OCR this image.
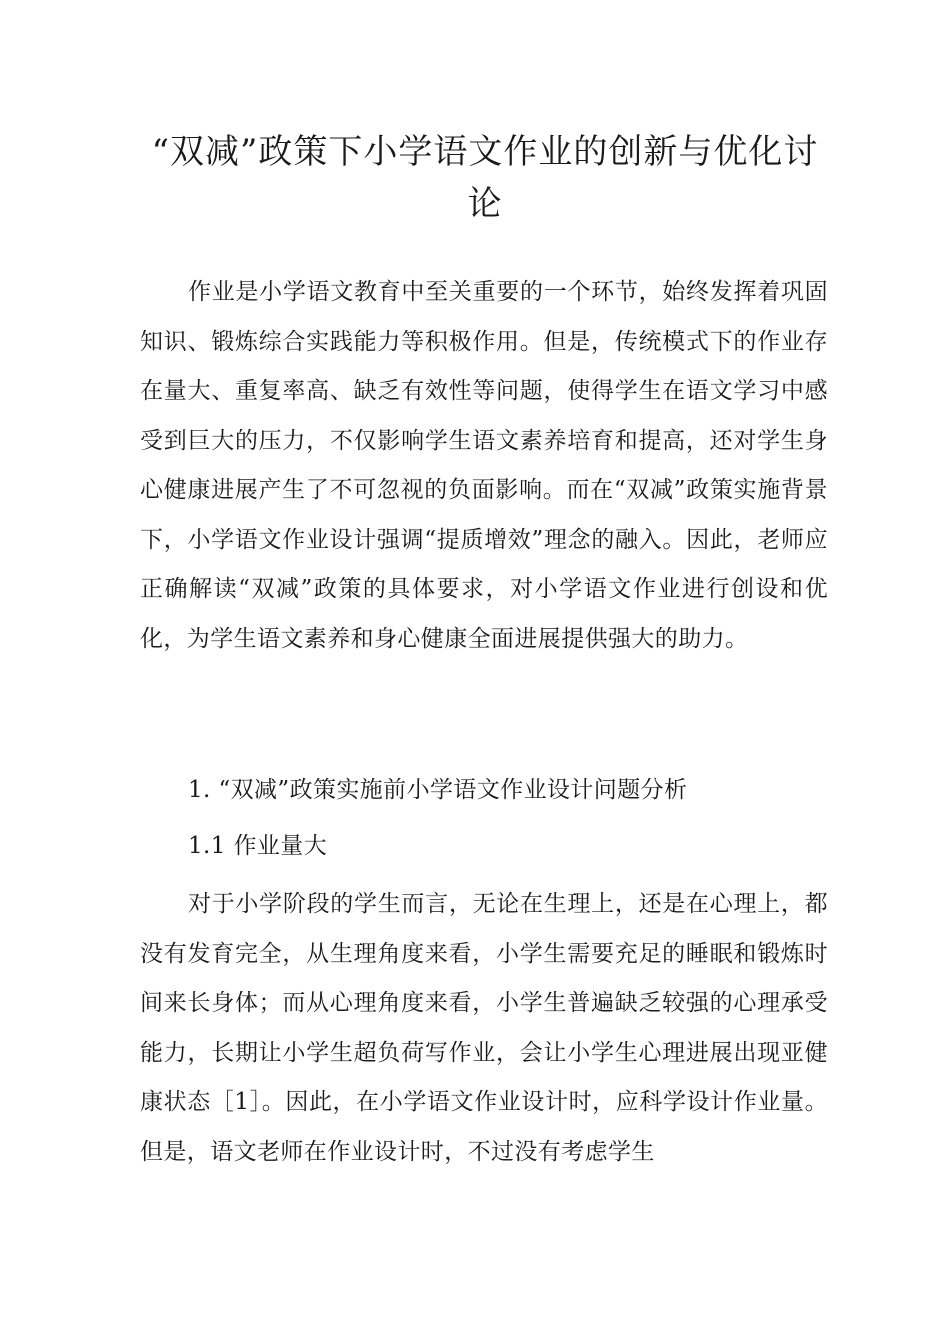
“双减”政策下小学语文作业的创新与优化讨论

作业是小学语文教育中至关重要的一个环节，始终发挥着巩固知识、锻炼综合实践能力等积极作用。但是，传统模式下的作业存在量大、重复率高、缺乏有效性等问题，使得学生在语文学习中感受到巨大的压力，不仅影响学生语文素养培育和提高，还对学生身心健康进展产生了不可忽视的负面影响。而在“双减”政策实施背景下，小学语文作业设计强调“提质增效”理念的融入。因此，老师应正确解读“双减”政策的具体要求，对小学语文作业进行创设和优化，为学生语文素养和身心健康全面进展提供强大的助力。

1. “双减”政策实施前小学语文作业设计问题分析
1.1 作业量大

对于小学阶段的学生而言，无论在生理上，还是在心理上，都没有发育完全，从生理角度来看，小学生需要充足的睡眠和锻炼时间来长身体；而从心理角度来看，小学生普遍缺乏较强的心理承受能力，长期让小学生超负荷写作业，会让小学生心理进展出现亚健康状态［1］。因此，在小学语文作业设计时，应科学设计作业量。但是，语文老师在作业设计时，不过没有考虑学生
